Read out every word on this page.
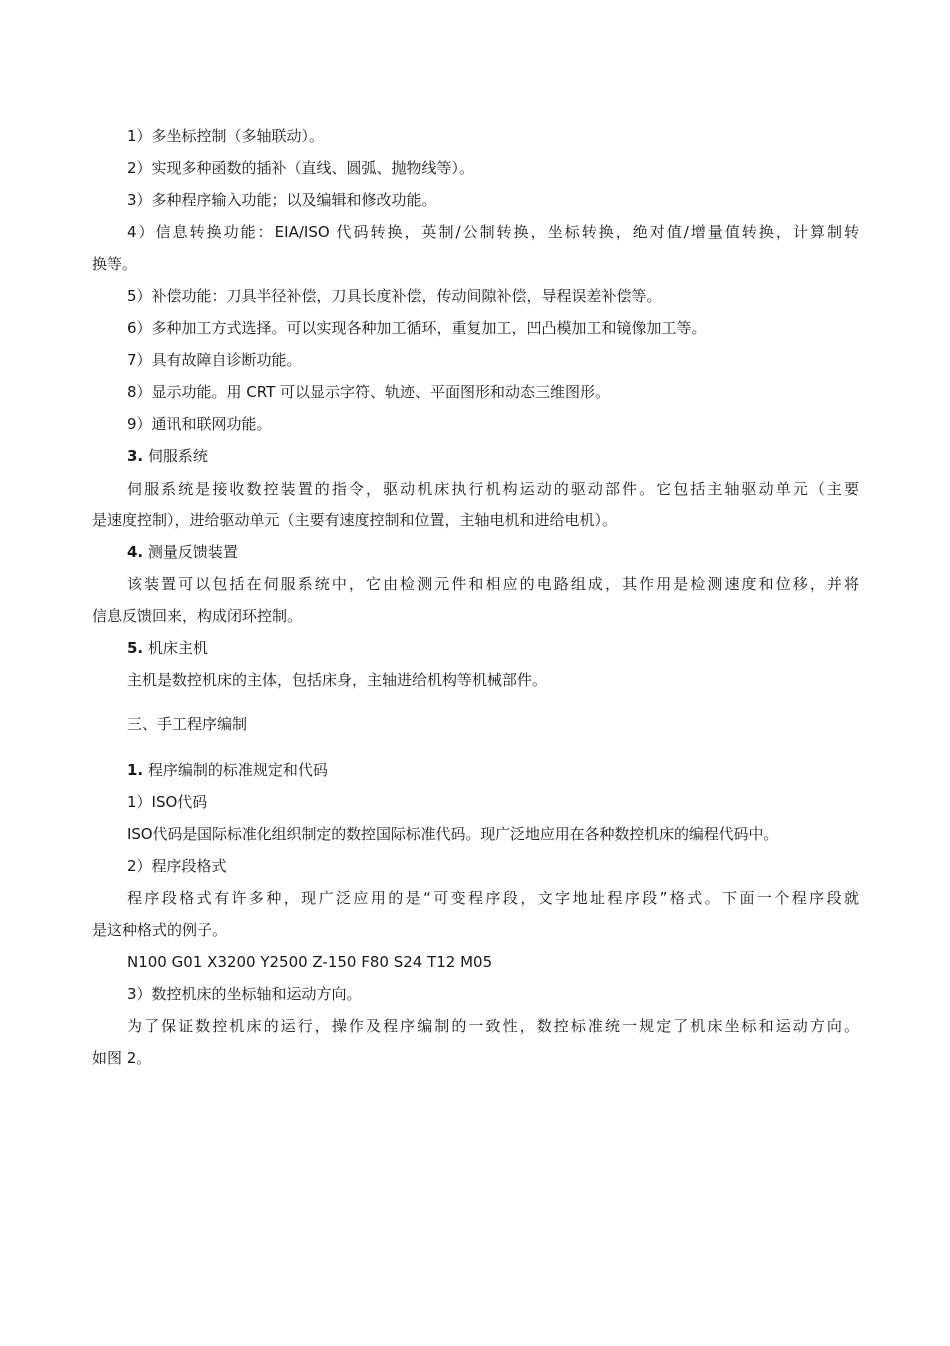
1）多坐标控制（多轴联动）。
2）实现多种函数的插补（直线、圆弧、抛物线等）。
3）多种程序输入功能；以及编辑和修改功能。
4）信息转换功能：EIA/ISO 代码转换，英制/公制转换，坐标转换，绝对值/增量值转换，计算制转
换等。
5）补偿功能：刀具半径补偿，刀具长度补偿，传动间隙补偿，导程误差补偿等。
6）多种加工方式选择。可以实现各种加工循环，重复加工，凹凸模加工和镜像加工等。
7）具有故障自诊断功能。
8）显示功能。用 CRT 可以显示字符、轨迹、平面图形和动态三维图形。
9）通讯和联网功能。
3. 伺服系统
伺服系统是接收数控装置的指令，驱动机床执行机构运动的驱动部件。它包括主轴驱动单元（主要
是速度控制），进给驱动单元（主要有速度控制和位置，主轴电机和进给电机）。
4. 测量反馈装置
该装置可以包括在伺服系统中，它由检测元件和相应的电路组成，其作用是检测速度和位移，并将
信息反馈回来，构成闭环控制。
5. 机床主机
主机是数控机床的主体，包括床身，主轴进给机构等机械部件。
三、手工程序编制
1. 程序编制的标准规定和代码
1）ISO代码
ISO代码是国际标准化组织制定的数控国际标准代码。现广泛地应用在各种数控机床的编程代码中。
2）程序段格式
程序段格式有许多种，现广泛应用的是“可变程序段，文字地址程序段”格式。下面一个程序段就
是这种格式的例子。
N100 G01 X3200 Y2500 Z-150 F80 S24 T12 M05
3）数控机床的坐标轴和运动方向。
为了保证数控机床的运行，操作及程序编制的一致性，数控标准统一规定了机床坐标和运动方向。
如图 2。
